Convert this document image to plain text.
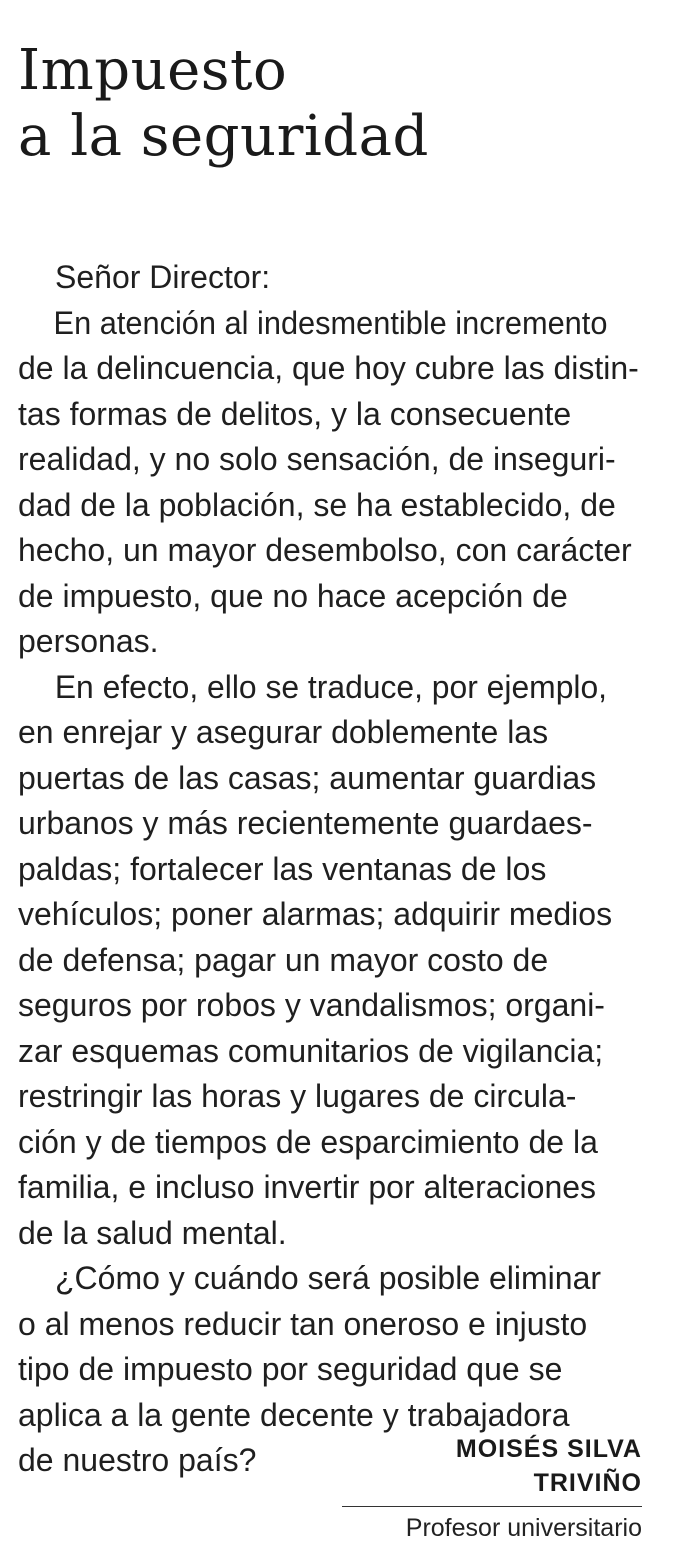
Impuesto
a la seguridad
Señor Director:
En atención al indesmentible incremento
de la delincuencia, que hoy cubre las distin-
tas formas de delitos, y la consecuente
realidad, y no solo sensación, de inseguri-
dad de la población, se ha establecido, de
hecho, un mayor desembolso, con carácter
de impuesto, que no hace acepción de
personas.
En efecto, ello se traduce, por ejemplo,
en enrejar y asegurar doblemente las
puertas de las casas; aumentar guardias
urbanos y más recientemente guardaes-
paldas; fortalecer las ventanas de los
vehículos; poner alarmas; adquirir medios
de defensa; pagar un mayor costo de
seguros por robos y vandalismos; organi-
zar esquemas comunitarios de vigilancia;
restringir las horas y lugares de circula-
ción y de tiempos de esparcimiento de la
familia, e incluso invertir por alteraciones
de la salud mental.
¿Cómo y cuándo será posible eliminar
o al menos reducir tan oneroso e injusto
tipo de impuesto por seguridad que se
aplica a la gente decente y trabajadora
de nuestro país?	MOISÉS SILVA TRIVIÑO
Profesor universitario
